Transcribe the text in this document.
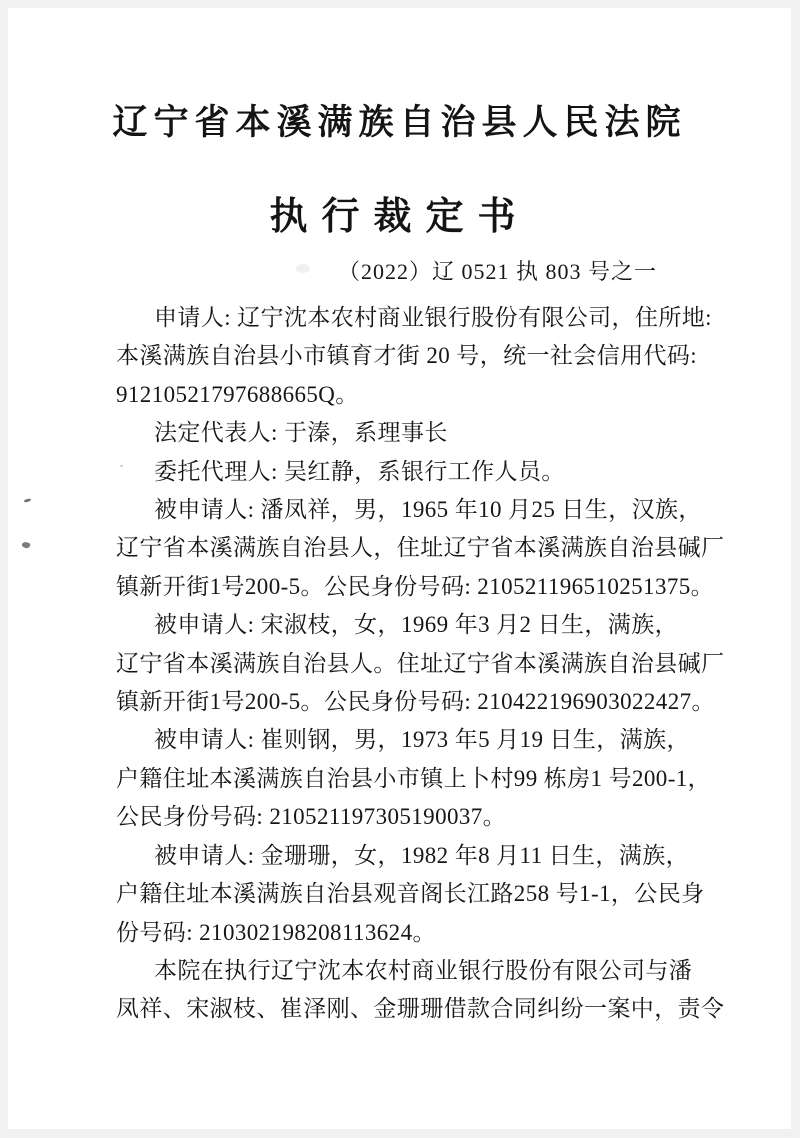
辽宁省本溪满族自治县人民法院
执行裁定书
（2022）辽 0521 执 803 号之一
申请人: 辽宁沈本农村商业银行股份有限公司，住所地:
本溪满族自治县小市镇育才街 20 号，统一社会信用代码:
91210521797688665Q。
法定代表人: 于溱，系理事长
委托代理人: 吴红静，系银行工作人员。
被申请人: 潘凤祥，男，1965 年10 月25 日生，汉族，
辽宁省本溪满族自治县人，住址辽宁省本溪满族自治县碱厂
镇新开街1号200-5。公民身份号码: 210521196510251375。
被申请人: 宋淑枝，女，1969 年3 月2 日生，满族，
辽宁省本溪满族自治县人。住址辽宁省本溪满族自治县碱厂
镇新开街1号200-5。公民身份号码: 210422196903022427。
被申请人: 崔则钢，男，1973 年5 月19 日生，满族，
户籍住址本溪满族自治县小市镇上卜村99 栋房1 号200-1，
公民身份号码: 210521197305190037。
被申请人: 金珊珊，女，1982 年8 月11 日生，满族，
户籍住址本溪满族自治县观音阁长江路258 号1-1，公民身
份号码: 210302198208113624。
本院在执行辽宁沈本农村商业银行股份有限公司与潘
凤祥、宋淑枝、崔泽刚、金珊珊借款合同纠纷一案中，责令
